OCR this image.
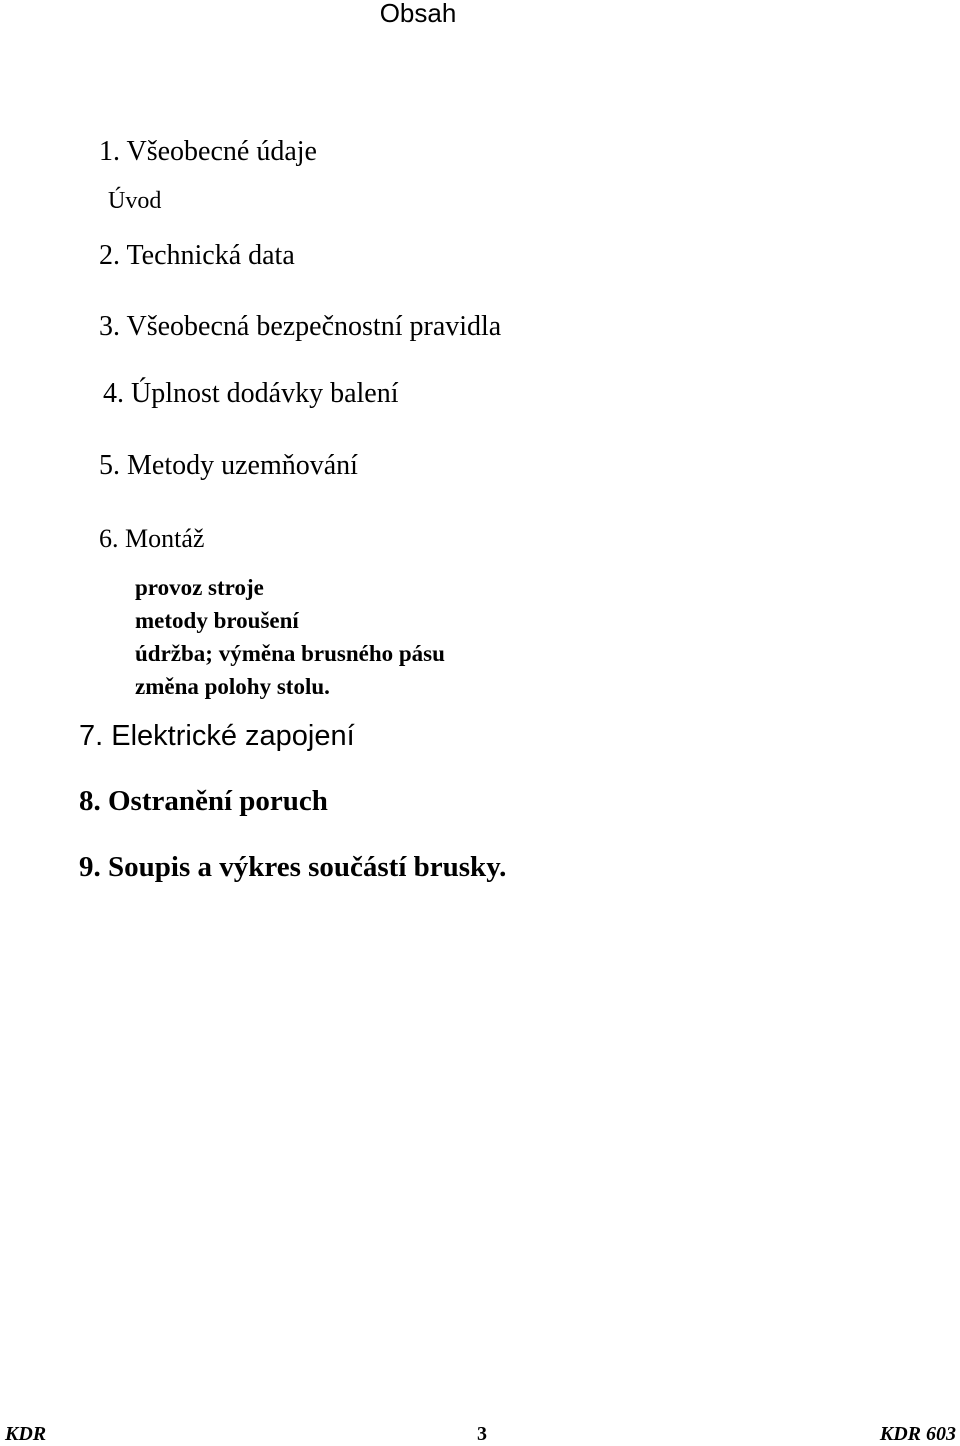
Obsah
1. Všeobecné údaje
Úvod
2. Technická data
3. Všeobecná bezpečnostní pravidla
4. Úplnost dodávky balení
5. Metody uzemňování
6. Montáž
provoz stroje
metody broušení
údržba; výměna brusného pásu
změna polohy stolu.
7. Elektrické zapojení
8. Ostranění poruch
9. Soupis a výkres součástí brusky.
KDR	3	KDR 603
